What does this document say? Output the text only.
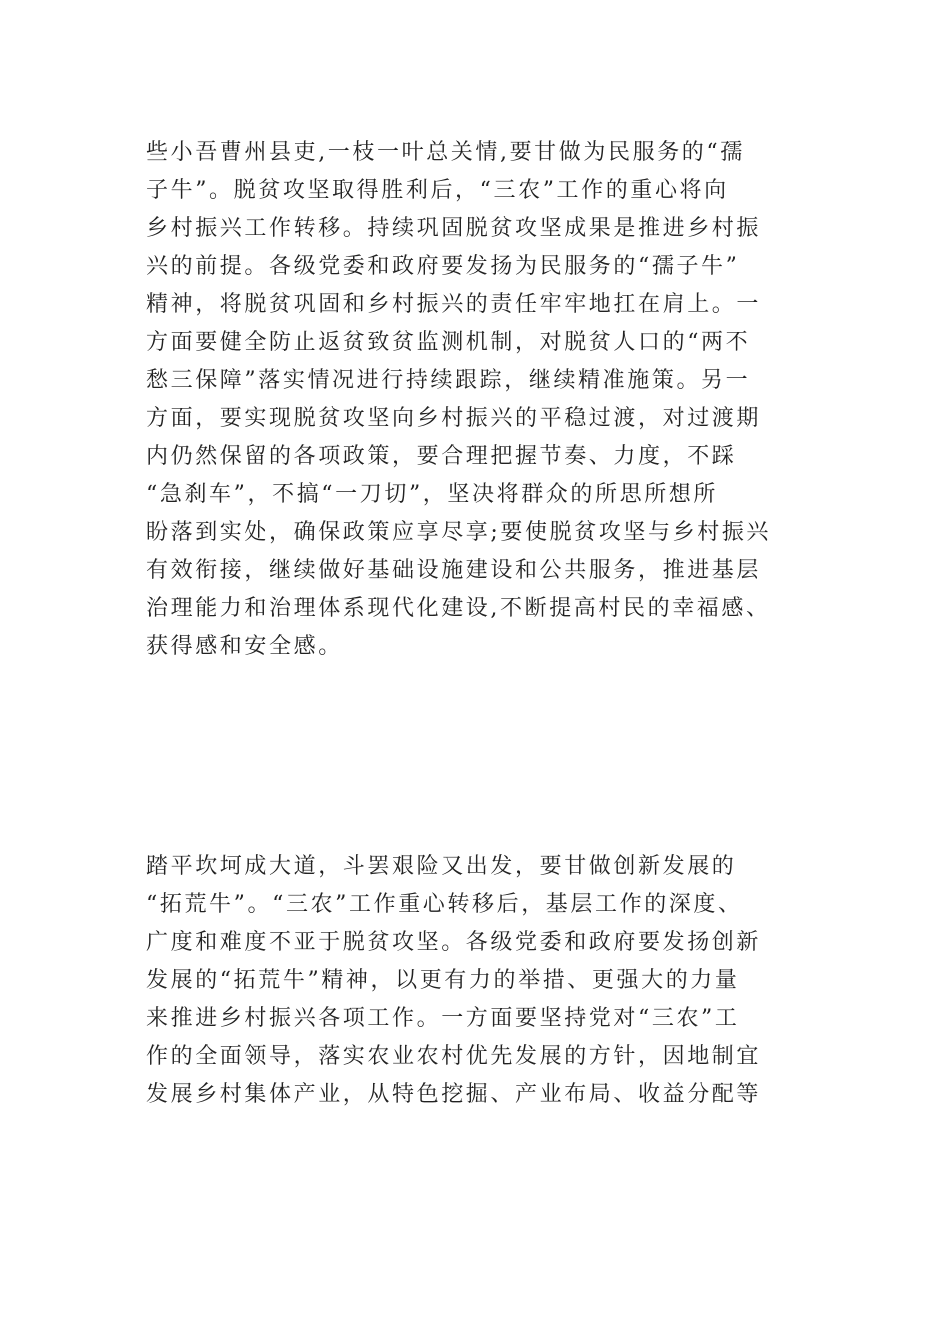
些小吾曹州县吏,一枝一叶总关情,要甘做为民服务的“孺
子牛”。脱贫攻坚取得胜利后，“三农”工作的重心将向
乡村振兴工作转移。持续巩固脱贫攻坚成果是推进乡村振
兴的前提。各级党委和政府要发扬为民服务的“孺子牛”
精神，将脱贫巩固和乡村振兴的责任牢牢地扛在肩上。一
方面要健全防止返贫致贫监测机制，对脱贫人口的“两不
愁三保障”落实情况进行持续跟踪，继续精准施策。另一
方面，要实现脱贫攻坚向乡村振兴的平稳过渡，对过渡期
内仍然保留的各项政策，要合理把握节奏、力度，不踩
“急刹车”，不搞“一刀切”，坚决将群众的所思所想所
盼落到实处，确保政策应享尽享;要使脱贫攻坚与乡村振兴
有效衔接，继续做好基础设施建设和公共服务，推进基层
治理能力和治理体系现代化建设,不断提高村民的幸福感、
获得感和安全感。
踏平坎坷成大道，斗罢艰险又出发，要甘做创新发展的
“拓荒牛”。“三农”工作重心转移后，基层工作的深度、
广度和难度不亚于脱贫攻坚。各级党委和政府要发扬创新
发展的“拓荒牛”精神，以更有力的举措、更强大的力量
来推进乡村振兴各项工作。一方面要坚持党对“三农”工
作的全面领导，落实农业农村优先发展的方针，因地制宜
发展乡村集体产业，从特色挖掘、产业布局、收益分配等
